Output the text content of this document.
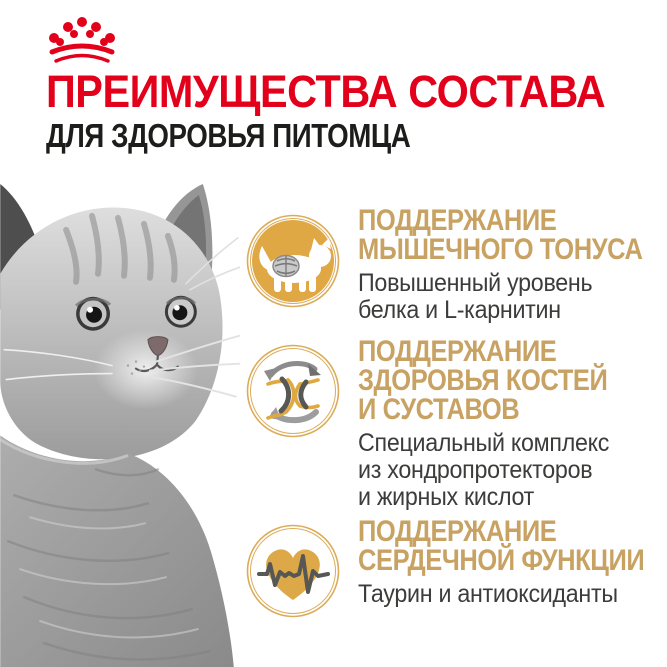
ПРЕИМУЩЕСТВА СОСТАВА
ДЛЯ ЗДОРОВЬЯ ПИТОМЦА
ПОДДЕРЖАНИЕ
МЫШЕЧНОГО ТОНУСА
Повышенный уровень
белка и L-карнитин
ПОДДЕРЖАНИЕ
ЗДОРОВЬЯ КОСТЕЙ
И СУСТАВОВ
Специальный комплекс
из хондропротекторов
и жирных кислот
ПОДДЕРЖАНИЕ
СЕРДЕЧНОЙ ФУНКЦИИ
Таурин и антиоксиданты
